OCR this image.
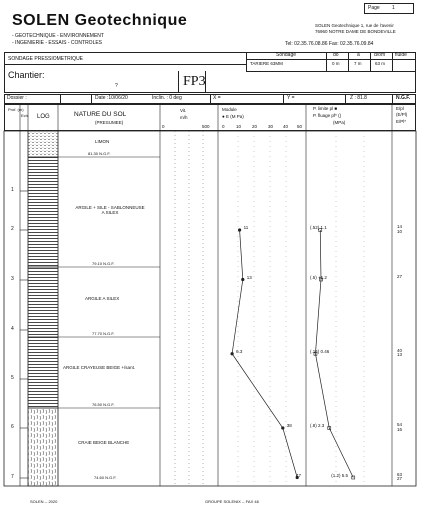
SOLEN Geotechnique
- GEOTECHNIQUE - ENVIRONNEMENT
- INGENIERIE - ESSAIS - CONTROLES
Page 1
SOLEN Geotechnique 1, rue de l'avenir
76960 NOTRE DAME DE BONDEVILLE
Tel: 02.35.76.08.86 Fax: 02.35.76.09.84
SONDAGE PRESSIOMETRIQUE
Chantier:
?	FP3
Sondage
TARIERE 63MM
do	a	d/om fluide
0 m	7 m	63 m
Dossier :	Date :10/06/20	Inclin. : 0 deg	X =	Y =	Z : 81.8	N.G.F.
LOG	NATURE DU SOL
(PRESUMEE)
Vit.
m/h
0	500
Module
● E (M Pa)
P. limite pl ■
P. fluage pf* ()
(MPa)
E/pl
(E/Pl)
E/Pl*
0	10 20 30 40 50
1
2
3
4
5
6
7
Prof. (m)
Ech.
LIMON
81.30 N.G.F.
ARGILE + SILE - SABLONNEUSE
A SILEX
79.10 N.G.F.
ARGILE A SILEX
77.70 N.G.F.
ARGILE CRAYEUSE BEIGE +/sant.
76.50 N.G.F.
CRAIE BEIGE BLANCHE
74.60 N.G.F.
11	(.52) 1.1	14
10
13	(.5) +1.2	27

6.3	(.14) 0.46	40
13
38	(.8) 2.3	54
16
47	(1.2) 5.5	63
27
SOLEN -- 2020	GROUPE SOLENIX -- FAX 46
